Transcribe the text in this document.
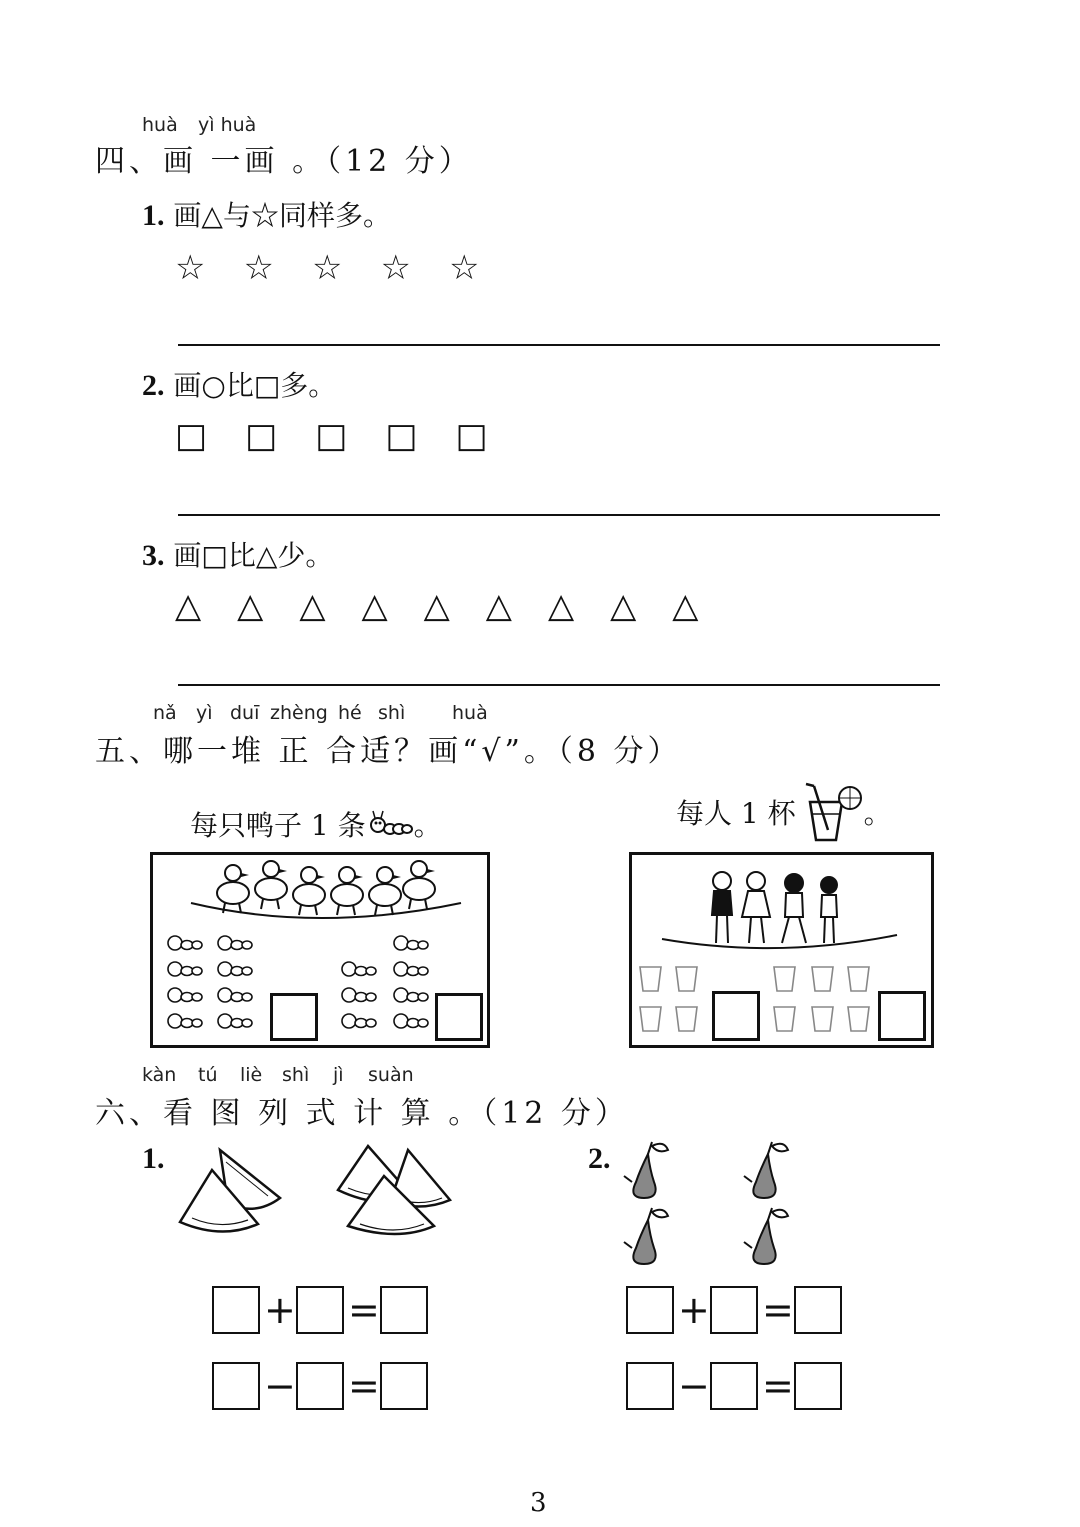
huà yì huà
四、画 一画 。（12 分）
1. 画△与☆同样多。
☆ ☆ ☆ ☆ ☆
2. 画○比□多。
□ □ □ □ □
3. 画□比△少。
△ △ △ △ △ △ △ △ △
nǎ yì duī zhèng hé shì huà
五、哪一堆 正 合适？画“√”。（8 分）
每只鸭子 1 条 。	每人 1 杯 。
kàn tú liè shì jì suàn
六、看 图 列 式 计 算 。（12 分）
1.
+ =
− =
2.
+ =
− =
3
